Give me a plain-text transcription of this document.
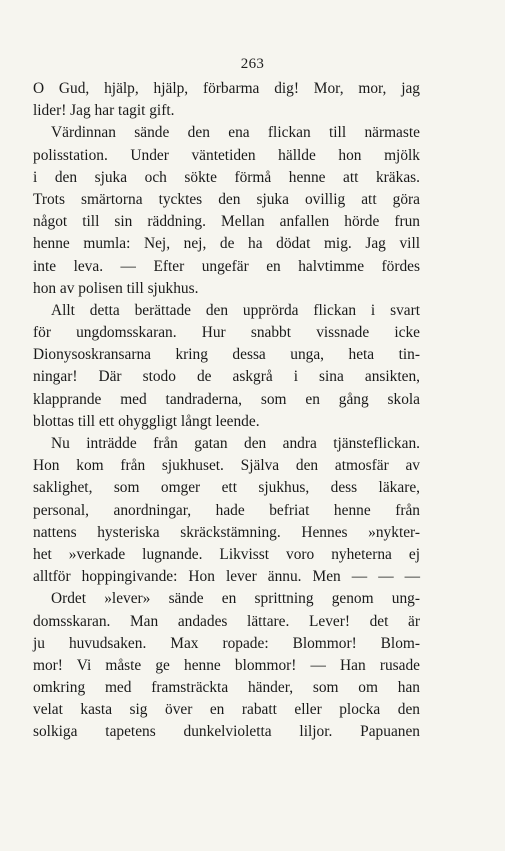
263
O Gud, hjälp, hjälp, förbarma dig! Mor, mor, jag
lider! Jag har tagit gift.
Värdinnan sände den ena flickan till närmaste
polisstation. Under väntetiden hällde hon mjölk
i den sjuka och sökte förmå henne att kräkas.
Trots smärtorna tycktes den sjuka ovillig att göra
något till sin räddning. Mellan anfallen hörde frun
henne mumla: Nej, nej, de ha dödat mig. Jag vill
inte leva. — Efter ungefär en halvtimme fördes
hon av polisen till sjukhus.
Allt detta berättade den upprörda flickan i svart
för ungdomsskaran. Hur snabbt vissnade icke
Dionysoskransarna kring dessa unga, heta tin-
ningar! Där stodo de askgrå i sina ansikten,
klapprande med tandraderna, som en gång skola
blottas till ett ohyggligt långt leende.
Nu inträdde från gatan den andra tjänsteflickan.
Hon kom från sjukhuset. Själva den atmosfär av
saklighet, som omger ett sjukhus, dess läkare,
personal, anordningar, hade befriat henne från
nattens hysteriska skräckstämning. Hennes »nykter-
het »verkade lugnande. Likvisst voro nyheterna ej
alltför hoppingivande: Hon lever ännu. Men — — —
Ordet »lever» sände en sprittning genom ung-
domsskaran. Man andades lättare. Lever! det är
ju huvudsaken. Max ropade: Blommor! Blom-
mor! Vi måste ge henne blommor! — Han rusade
omkring med framsträckta händer, som om han
velat kasta sig över en rabatt eller plocka den
solkiga tapetens dunkelvioletta liljor. Papuanen
